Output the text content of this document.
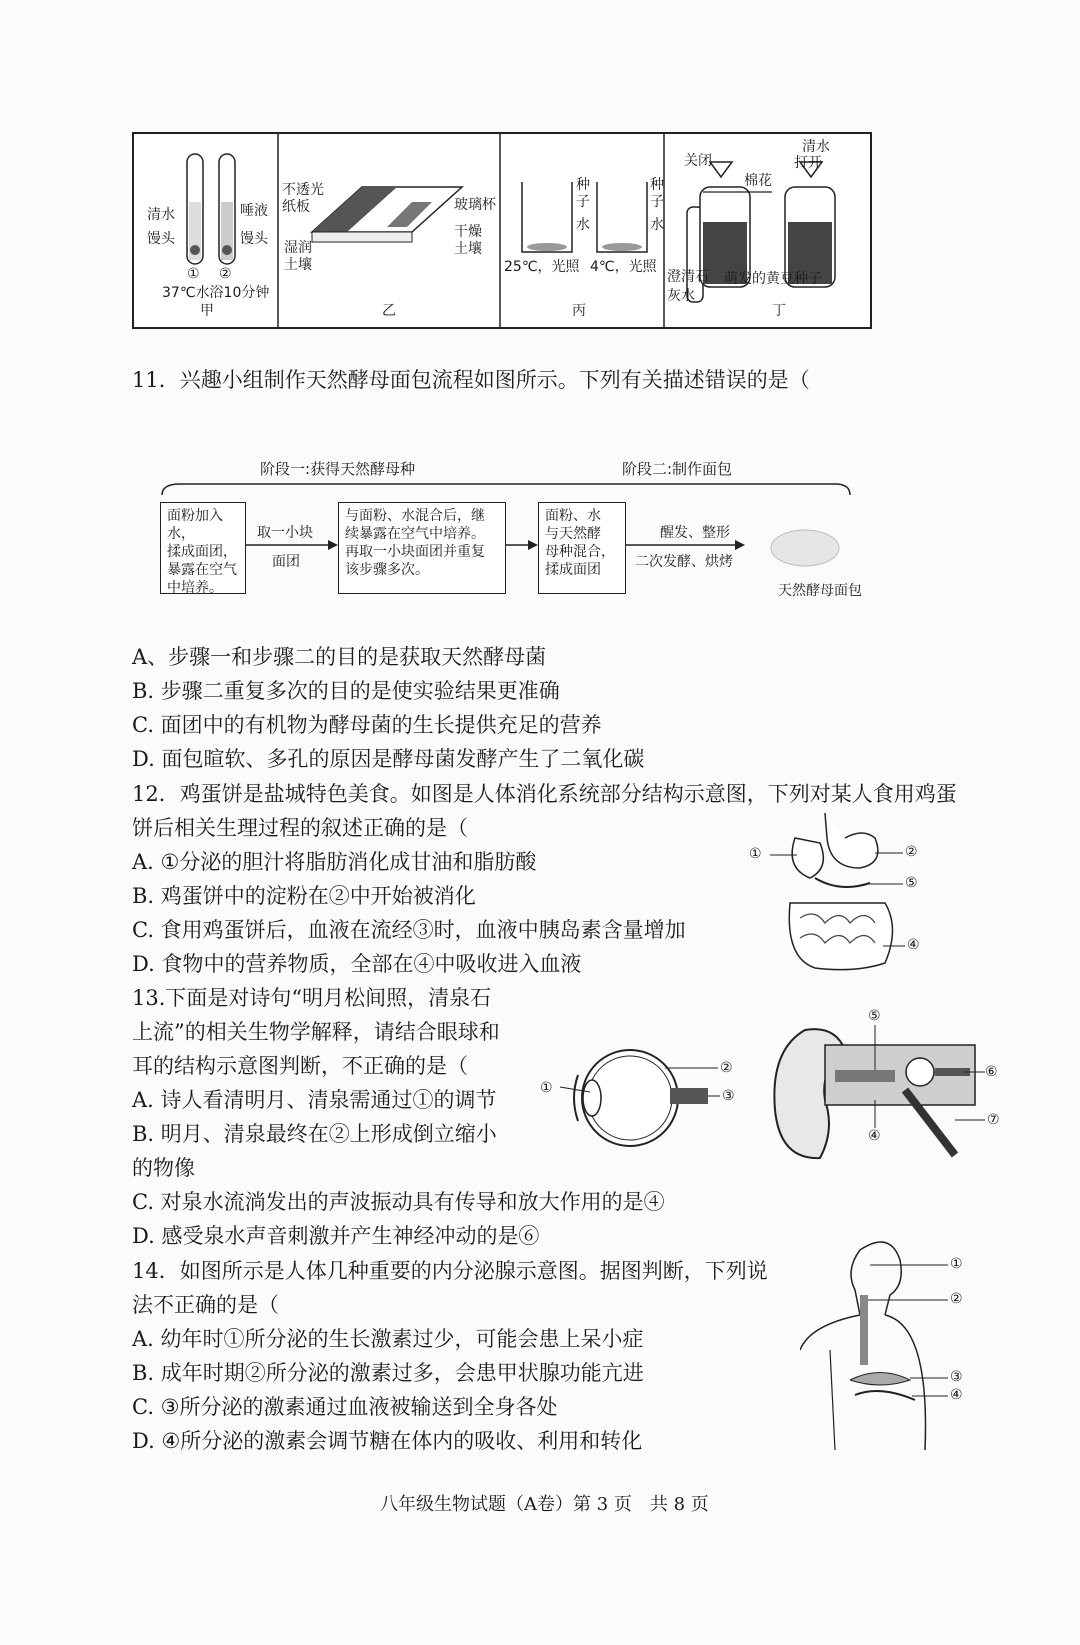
清水
馒头
唾液
馒头
① ②
37℃水浴10分钟
甲
不透光纸板	玻璃杯
湿润土壤
干燥土壤
乙
种子
水
25℃，光照
种子
水
4℃，光照
丙
关闭
清水
打开
棉花
澄清石灰水
萌发的黄豆种子
丁
11．兴趣小组制作天然酵母面包流程如图所示。下列有关描述错误的是（
阶段一:获得天然酵母种	阶段二:制作面包
面粉加入水，
揉成面团，
暴露在空气
中培养。
取一小块
面团
与面粉、水混合后，继
续暴露在空气中培养。
再取一小块面团并重复
该步骤多次。
面粉、水
与天然酵
母种混合，
揉成面团
醒发、整形
二次发酵、烘烤
天然酵母面包
A、步骤一和步骤二的目的是获取天然酵母菌
B. 步骤二重复多次的目的是使实验结果更准确
C. 面团中的有机物为酵母菌的生长提供充足的营养
D. 面包暄软、多孔的原因是酵母菌发酵产生了二氧化碳
12．鸡蛋饼是盐城特色美食。如图是人体消化系统部分结构示意图，下列对某人食用鸡蛋
饼后相关生理过程的叙述正确的是（
A. ①分泌的胆汁将脂肪消化成甘油和脂肪酸
B. 鸡蛋饼中的淀粉在②中开始被消化
C. 食用鸡蛋饼后，血液在流经③时，血液中胰岛素含量增加
D. 食物中的营养物质，全部在④中吸收进入血液
①	②
⑤
④
13.下面是对诗句“明月松间照，清泉石
上流”的相关生物学解释，请结合眼球和
耳的结构示意图判断，不正确的是（
A. 诗人看清明月、清泉需通过①的调节
B. 明月、清泉最终在②上形成倒立缩小
的物像
C. 对泉水流淌发出的声波振动具有传导和放大作用的是④
D. 感受泉水声音刺激并产生神经冲动的是⑥
①
②
③
⑤
⑥
④
⑦
14．如图所示是人体几种重要的内分泌腺示意图。据图判断，下列说
法不正确的是（
A. 幼年时①所分泌的生长激素过少，可能会患上呆小症
B. 成年时期②所分泌的激素过多，会患甲状腺功能亢进
C. ③所分泌的激素通过血液被输送到全身各处
D. ④所分泌的激素会调节糖在体内的吸收、利用和转化
①
②
③
④
八年级生物试题（A卷）第 3 页　共 8 页
